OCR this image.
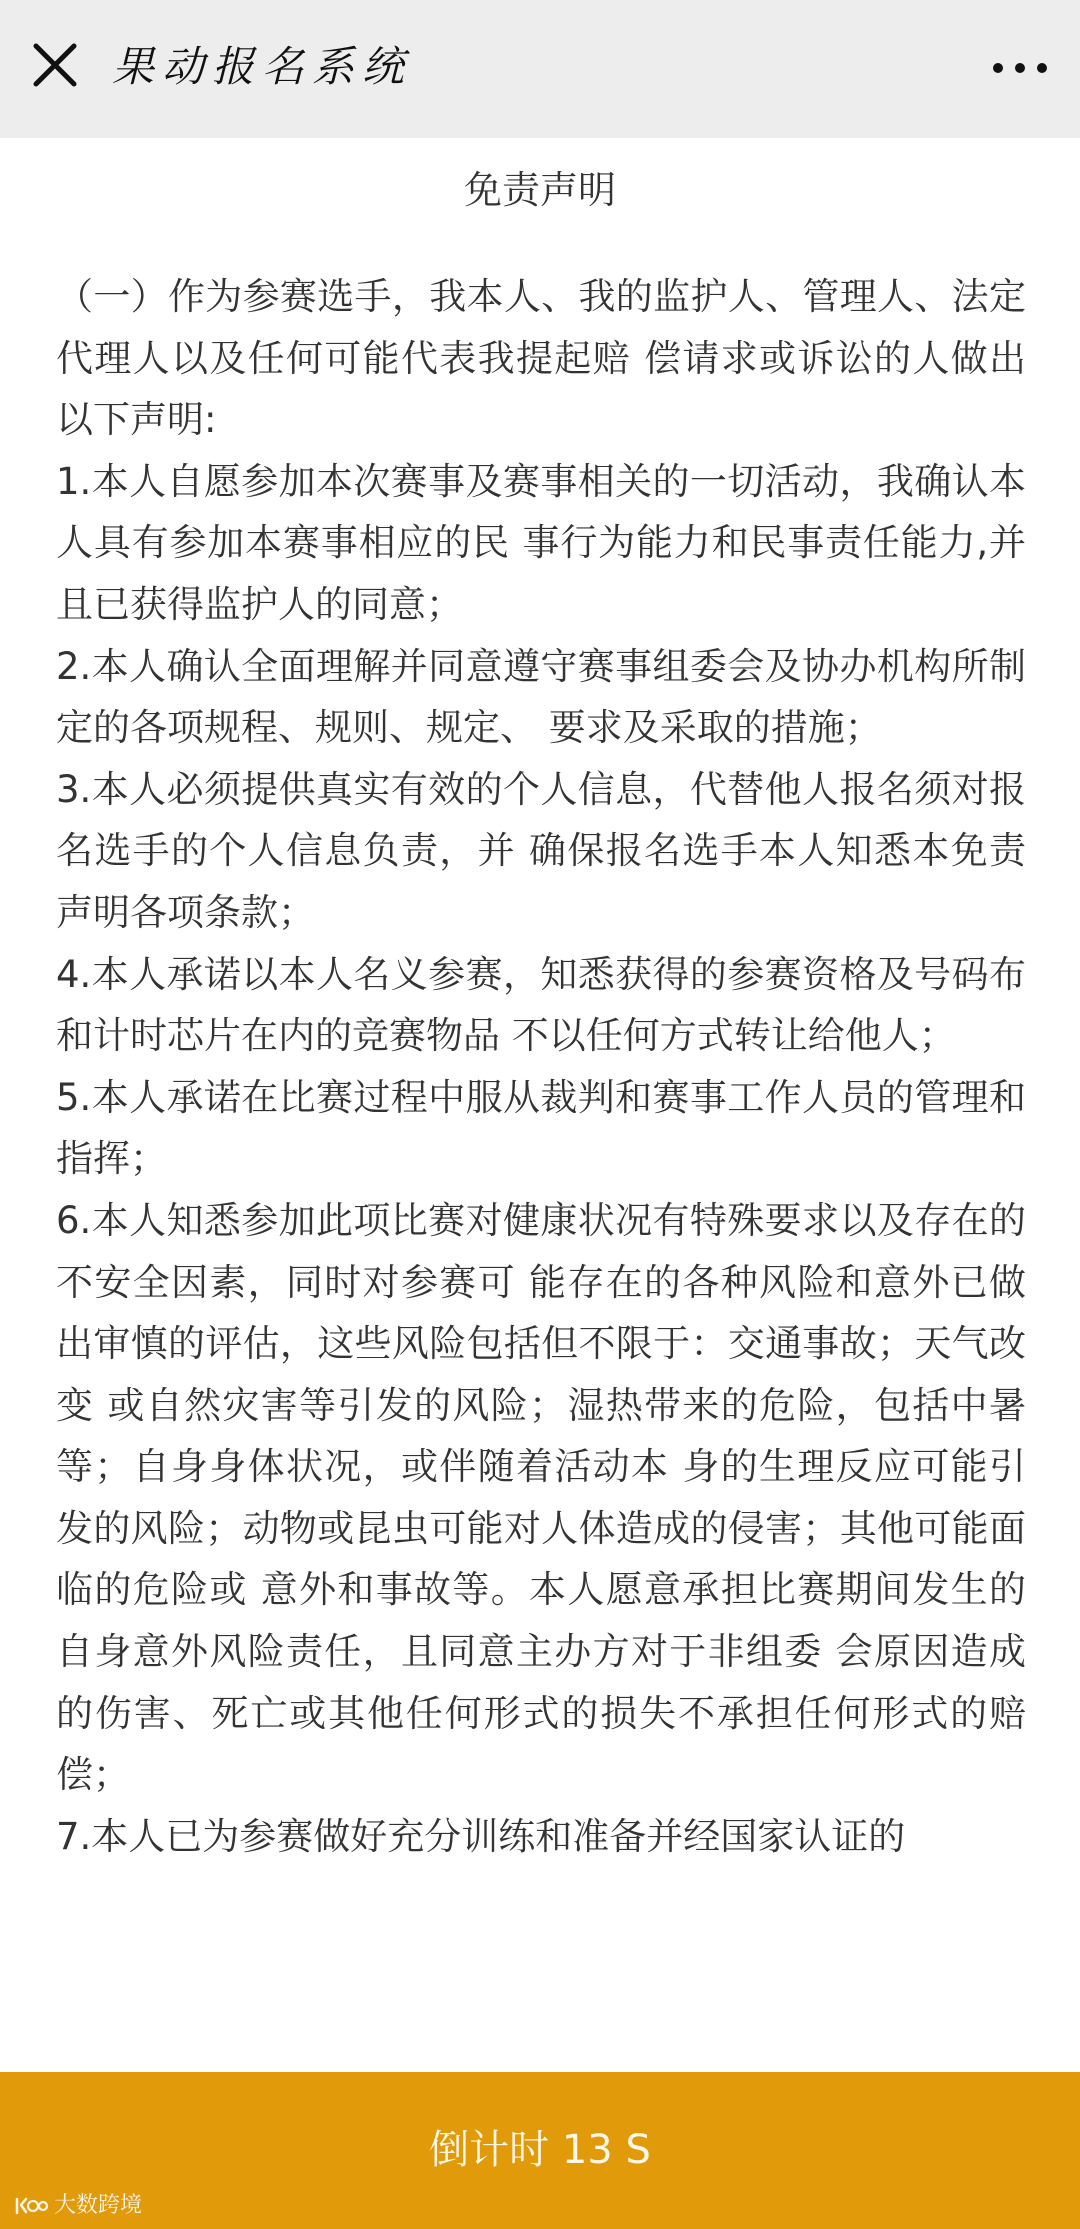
果动报名系统
免责声明

（一）作为参赛选手，我本人、我的监护人、管理人、法定代理人以及任何可能代表我提起赔 偿请求或诉讼的人做出以下声明:

1.本人自愿参加本次赛事及赛事相关的一切活动，我确认本人具有参加本赛事相应的民 事行为能力和民事责任能力,并且已获得监护人的同意；

2.本人确认全面理解并同意遵守赛事组委会及协办机构所制定的各项规程、规则、规定、 要求及采取的措施；

3.本人必须提供真实有效的个人信息，代替他人报名须对报名选手的个人信息负责，并 确保报名选手本人知悉本免责声明各项条款；

4.本人承诺以本人名义参赛，知悉获得的参赛资格及号码布和计时芯片在内的竞赛物品 不以任何方式转让给他人；

5.本人承诺在比赛过程中服从裁判和赛事工作人员的管理和指挥；

6.本人知悉参加此项比赛对健康状况有特殊要求以及存在的不安全因素，同时对参赛可 能存在的各种风险和意外已做出审慎的评估，这些风险包括但不限于：交通事故；天气改变 或自然灾害等引发的风险；湿热带来的危险，包括中暑等；自身身体状况，或伴随着活动本 身的生理反应可能引发的风险；动物或昆虫可能对人体造成的侵害；其他可能面临的危险或 意外和事故等。本人愿意承担比赛期间发生的自身意外风险责任，且同意主办方对于非组委 会原因造成的伤害、死亡或其他任何形式的损失不承担任何形式的赔偿；

7.本人已为参赛做好充分训练和准备并经国家认证的

倒计时 13 S
大数跨境
